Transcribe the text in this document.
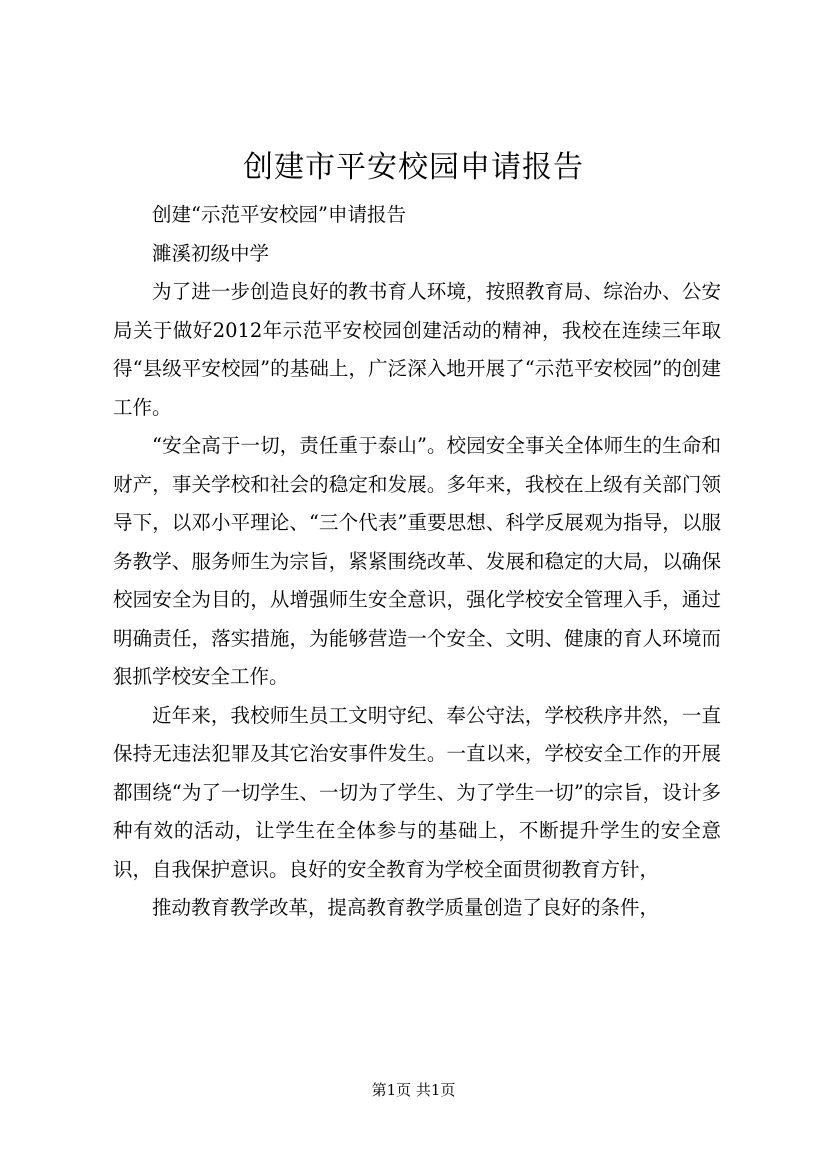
创建市平安校园申请报告

创建“示范平安校园”申请报告

濉溪初级中学

为了进一步创造良好的教书育人环境，按照教育局、综治办、公安局关于做好2012年示范平安校园创建活动的精神，我校在连续三年取得“县级平安校园”的基础上，广泛深入地开展了“示范平安校园”的创建工作。

“安全高于一切，责任重于泰山”。校园安全事关全体师生的生命和财产，事关学校和社会的稳定和发展。多年来，我校在上级有关部门领导下，以邓小平理论、“三个代表”重要思想、科学反展观为指导，以服务教学、服务师生为宗旨，紧紧围绕改革、发展和稳定的大局，以确保校园安全为目的，从增强师生安全意识，强化学校安全管理入手，通过明确责任，落实措施，为能够营造一个安全、文明、健康的育人环境而狠抓学校安全工作。

近年来，我校师生员工文明守纪、奉公守法，学校秩序井然，一直保持无违法犯罪及其它治安事件发生。一直以来，学校安全工作的开展都围绕“为了一切学生、一切为了学生、为了学生一切”的宗旨，设计多种有效的活动，让学生在全体参与的基础上，不断提升学生的安全意识，自我保护意识。良好的安全教育为学校全面贯彻教育方针，

推动教育教学改革，提高教育教学质量创造了良好的条件，

第1页 共1页
